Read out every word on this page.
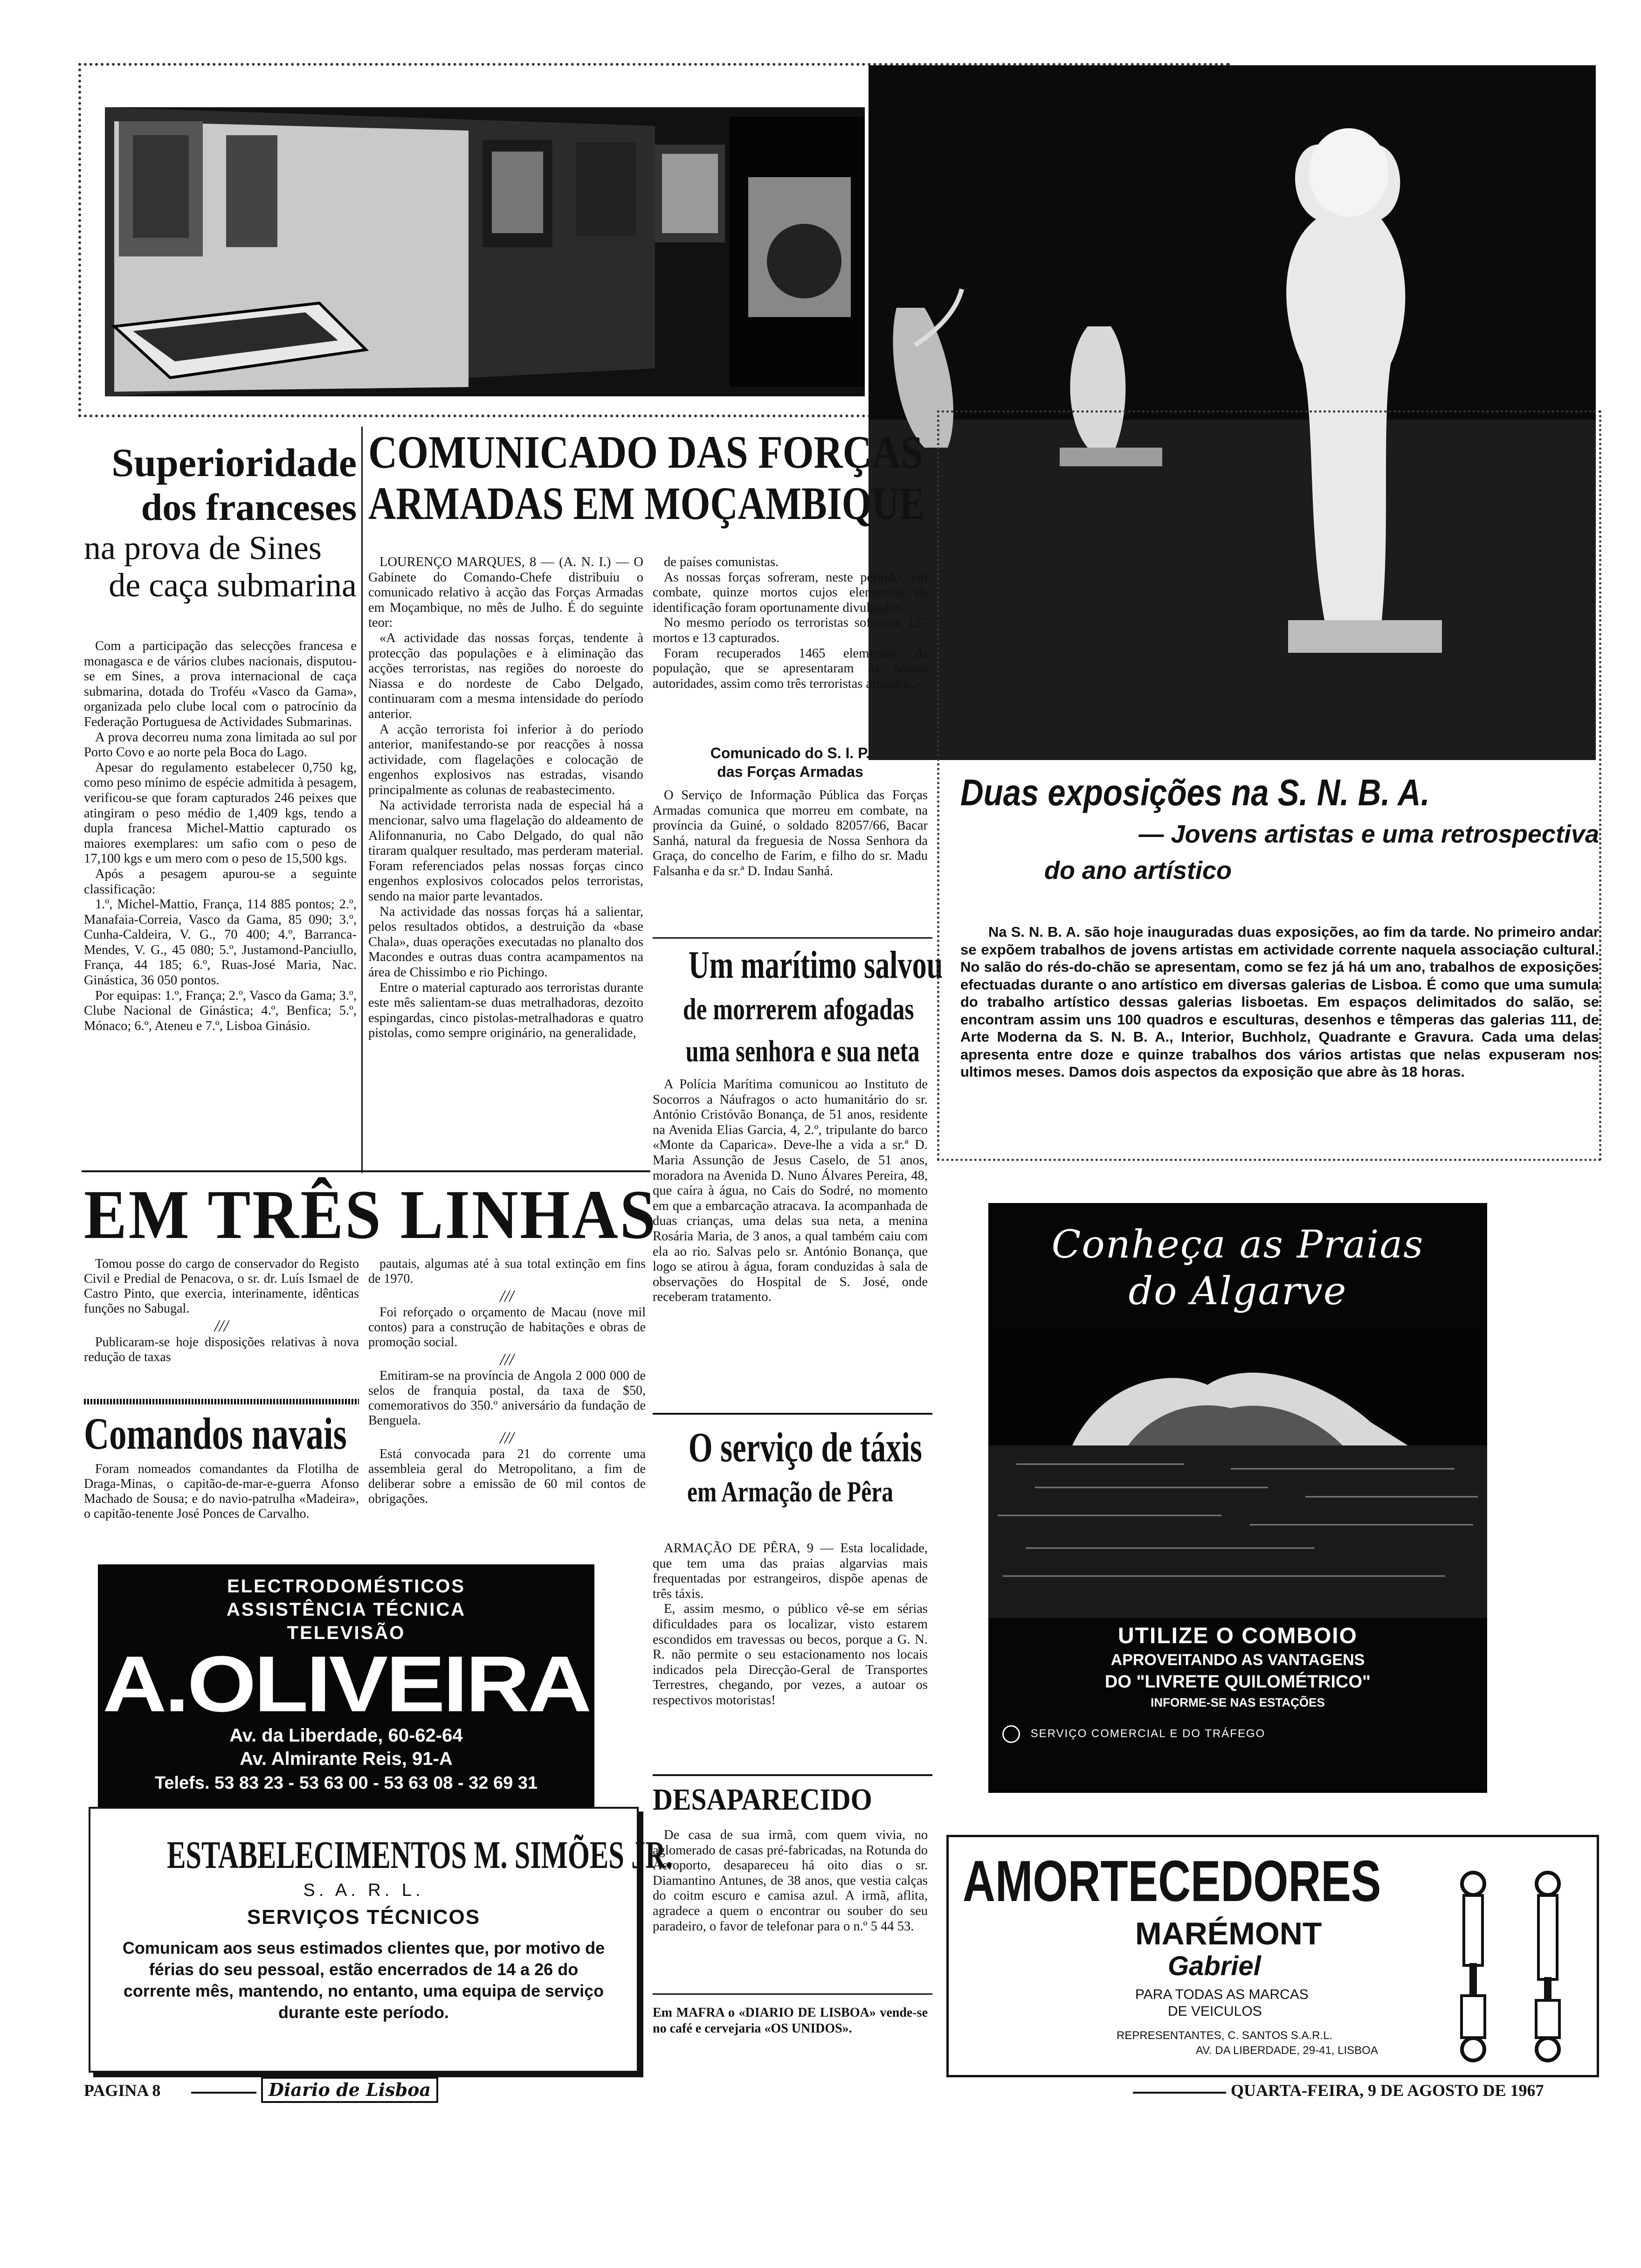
Superioridade
dos franceses
na prova de Sines
de caça submarina

Com a participação das selecções francesa e monagasca e de vários clubes nacionais, disputou-se em Sines, a prova internacional de caça submarina, dotada do Troféu «Vasco da Gama», organizada pelo clube local com o patrocínio da Federação Portuguesa de Actividades Submarinas.

A prova decorreu numa zona limitada ao sul por Porto Covo e ao norte pela Boca do Lago.

Apesar do regulamento estabelecer 0,750 kg, como peso mínimo de espécie admitida à pesagem, verificou-se que foram capturados 246 peixes que atingiram o peso médio de 1,409 kgs, tendo a dupla francesa Michel-Mattio capturado os maiores exemplares: um safio com o peso de 17,100 kgs e um mero com o peso de 15,500 kgs.

Após a pesagem apurou-se a seguinte classificação:

1.º, Michel-Mattio, França, 114 885 pontos; 2.º, Manafaia-Correia, Vasco da Gama, 85 090; 3.º, Cunha-Caldeira, V. G., 70 400; 4.º, Barranca-Mendes, V. G., 45 080; 5.º, Justamond-Panciullo, França, 44 185; 6.º, Ruas-José Maria, Nac. Ginástica, 36 050 pontos.

Por equipas: 1.º, França; 2.º, Vasco da Gama; 3.º, Clube Nacional de Ginástica; 4.º, Benfica; 5.º, Mónaco; 6.º, Ateneu e 7.º, Lisboa Ginásio.

COMUNICADO DAS FORÇAS
ARMADAS EM MOÇAMBIQUE

LOURENÇO MARQUES, 8 — (A. N. I.) — O Gabinete do Comando-Chefe distribuiu o comunicado relativo à acção das Forças Armadas em Moçambique, no mês de Julho. É do seguinte teor:

«A actividade das nossas forças, tendente à protecção das populações e à eliminação das acções terroristas, nas regiões do noroeste do Niassa e do nordeste de Cabo Delgado, continuaram com a mesma intensidade do período anterior.

A acção terrorista foi inferior à do período anterior, manifestando-se por reacções à nossa actividade, com flagelações e colocação de engenhos explosivos nas estradas, visando principalmente as colunas de reabastecimento.

Na actividade terrorista nada de especial há a mencionar, salvo uma flagelação do aldeamento de Alifonnanuria, no Cabo Delgado, do qual não tiraram qualquer resultado, mas perderam material. Foram referenciados pelas nossas forças cinco engenhos explosivos colocados pelos terroristas, sendo na maior parte levantados.

Na actividade das nossas forças há a salientar, pelos resultados obtidos, a destruição da «base Chala», duas operações executadas no planalto dos Macondes e outras duas contra acampamentos na área de Chissimbo e rio Pichingo.

Entre o material capturado aos terroristas durante este mês salientam-se duas metralhadoras, dezoito espingardas, cinco pistolas-metralhadoras e quatro pistolas, como sempre originário, na generalidade,

de países comunistas.

As nossas forças sofreram, neste período, em combate, quinze mortos cujos elementos de identificação foram oportunamente divulgados.

No mesmo período os terroristas sofreram 127 mortos e 13 capturados.

Foram recuperados 1465 elementos da população, que se apresentaram às nossas autoridades, assim como três terroristas armados.»

Comunicado do S. I. P.
das Forças Armadas

O Serviço de Informação Pública das Forças Armadas comunica que morreu em combate, na província da Guiné, o soldado 82057/66, Bacar Sanhá, natural da freguesia de Nossa Senhora da Graça, do concelho de Farim, e filho do sr. Madu Falsanha e da sr.ª D. Indau Sanhá.

Um marítimo salvou
de morrerem afogadas
uma senhora e sua neta

A Polícia Marítima comunicou ao Instituto de Socorros a Náufragos o acto humanitário do sr. António Cristóvão Bonança, de 51 anos, residente na Avenida Elias Garcia, 4, 2.º, tripulante do barco «Monte da Caparica». Deve-lhe a vida a sr.ª D. Maria Assunção de Jesus Caselo, de 51 anos, moradora na Avenida D. Nuno Álvares Pereira, 48, que caíra à água, no Cais do Sodré, no momento em que a embarcação atracava. Ia acompanhada de duas crianças, uma delas sua neta, a menina Rosária Maria, de 3 anos, a qual também caiu com ela ao rio. Salvas pelo sr. António Bonança, que logo se atirou à água, foram conduzidas à sala de observações do Hospital de S. José, onde receberam tratamento.

Duas exposições na S. N. B. A.
— Jovens artistas e uma retrospectiva
do ano artístico
Na S. N. B. A. são hoje inauguradas duas exposições, ao fim da tarde. No primeiro andar se expõem trabalhos de jovens artistas em actividade corrente naquela associação cultural. No salão do rés-do-chão se apresentam, como se fez já há um ano, trabalhos de exposições efectuadas durante o ano artístico em diversas galerias de Lisboa. É como que uma sumula do trabalho artístico dessas galerias lisboetas. Em espaços delimitados do salão, se encontram assim uns 100 quadros e esculturas, desenhos e têmperas das galerias 111, de Arte Moderna da S. N. B. A., Interior, Buchholz, Quadrante e Gravura. Cada uma delas apresenta entre doze e quinze trabalhos dos vários artistas que nelas expuseram nos ultimos meses. Damos dois aspectos da exposição que abre às 18 horas.
EM TRÊS LINHAS

Tomou posse do cargo de conservador do Registo Civil e Predial de Penacova, o sr. dr. Luís Ismael de Castro Pinto, que exercia, interinamente, idênticas funções no Sabugal.

///

Publicaram-se hoje disposições relativas à nova redução de taxas

pautais, algumas até à sua total extinção em fins de 1970.

///

Foi reforçado o orçamento de Macau (nove mil contos) para a construção de habitações e obras de promoção social.

///

Emitiram-se na província de Angola 2 000 000 de selos de franquia postal, da taxa de $50, comemorativos do 350.º aniversário da fundação de Benguela.

///

Está convocada para 21 do corrente uma assembleia geral do Metropolitano, a fim de deliberar sobre a emissão de 60 mil contos de obrigações.

Comandos navais

Foram nomeados comandantes da Flotilha de Draga-Minas, o capitão-de-mar-e-guerra Afonso Machado de Sousa; e do navio-patrulha «Madeira», o capitão-tenente José Ponces de Carvalho.

ELECTRODOMÉSTICOS
ASSISTÊNCIA TÉCNICA
TELEVISÃO
A.OLIVEIRA
Av. da Liberdade, 60-62-64
Av. Almirante Reis, 91-A
Telefs. 53 83 23 - 53 63 00 - 53 63 08 - 32 69 31
ESTABELECIMENTOS M. SIMÕES JR.
S. A. R. L.
SERVIÇOS TÉCNICOS
Comunicam aos seus estimados clientes que, por motivo de férias do seu pessoal, estão encerrados de 14 a 26 do corrente mês, mantendo, no entanto, uma equipa de serviço durante este período.
O serviço de táxis
em Armação de Pêra

ARMAÇÃO DE PÊRA, 9 — Esta localidade, que tem uma das praias algarvias mais frequentadas por estrangeiros, dispõe apenas de três táxis.

E, assim mesmo, o público vê-se em sérias dificuldades para os localizar, visto estarem escondidos em travessas ou becos, porque a G. N. R. não permite o seu estacionamento nos locais indicados pela Direcção-Geral de Transportes Terrestres, chegando, por vezes, a autoar os respectivos motoristas!

DESAPARECIDO

De casa de sua irmã, com quem vivia, no aglomerado de casas pré-fabricadas, na Rotunda do Aeroporto, desapareceu há oito dias o sr. Diamantino Antunes, de 38 anos, que vestia calças do coitm escuro e camisa azul. A irmã, aflita, agradece a quem o encontrar ou souber do seu paradeiro, o favor de telefonar para o n.º 5 44 53.

Em MAFRA o «DIARIO DE LISBOA» vende-se no café e cervejaria «OS UNIDOS».
Conheça as Praias
do Algarve
UTILIZE O COMBOIO
APROVEITANDO AS VANTAGENS
DO "LIVRETE QUILOMÉTRICO"
INFORME-SE NAS ESTAÇÕES
SERVIÇO COMERCIAL E DO TRÁFEGO
AMORTECEDORES
MARÉMONT
Gabriel
PARA TODAS AS MARCAS
DE VEICULOS
REPRESENTANTES, C. SANTOS S.A.R.L.
AV. DA LIBERDADE, 29-41, LISBOA
PAGINA 8	Diario de Lisboa	QUARTA-FEIRA, 9 DE AGOSTO DE 1967
